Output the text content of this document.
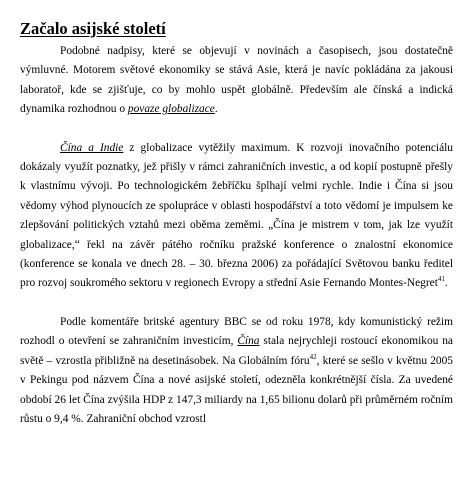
Začalo asijské století

Podobné nadpisy, které se objevují v novinách a časopisech, jsou dostatečně výmluvné. Motorem světové ekonomiky se stává Asie, která je navíc pokládána za jakousi laboratoř, kde se zjišťuje, co by mohlo uspět globálně. Především ale čínská a indická dynamika rozhodnou o povaze globalizace.

Čína a Indie z globalizace vytěžily maximum. K rozvoji inovačního potenciálu dokázaly využít poznatky, jež přišly v rámci zahraničních investic, a od kopií postupně přešly k vlastnímu vývoji. Po technologickém žebříčku šplhají velmi rychle. Indie i Čína si jsou vědomy výhod plynoucích ze spolupráce v oblasti hospodářství a toto vědomí je impulsem ke zlepšování politických vztahů mezi oběma zeměmi. „Čína je mistrem v tom, jak lze využít globalizace,“ řekl na závěr pátého ročníku pražské konference o znalostní ekonomice (konference se konala ve dnech 28. – 30. března 2006) za pořádající Světovou banku ředitel pro rozvoj soukromého sektoru v regionech Evropy a střední Asie Fernando Montes-Negret$^{41}$.

Podle komentáře britské agentury BBC se od roku 1978, kdy komunistický režim rozhodl o otevření se zahraničním investicím, Čína stala nejrychleji rostoucí ekonomikou na světě – vzrostla přibližně na desetinásobek. Na Globálním fóru$^{42}$, které se sešlo v květnu 2005 v Pekingu pod názvem Čína a nové asijské století, odezněla konkrétnější čísla. Za uvedené období 26 let Čína zvýšila HDP z 147,3 miliardy na 1,65 bilionu dolarů při průměrném ročním růstu o 9,4 %. Zahraniční obchod vzrostl
